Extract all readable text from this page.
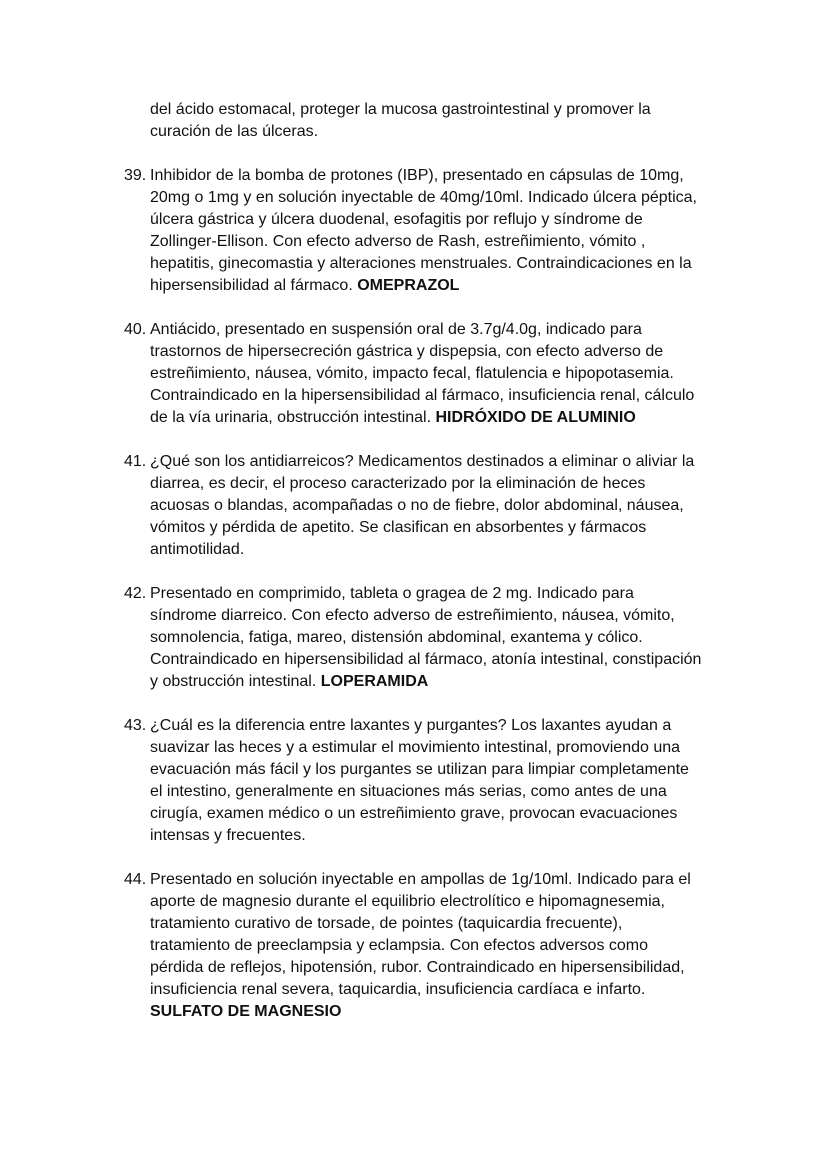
del ácido estomacal, proteger la mucosa gastrointestinal y promover la
curación de las úlceras.
39. Inhibidor de la bomba de protones (IBP), presentado en cápsulas de 10mg,
20mg o 1mg y en solución inyectable de 40mg/10ml. Indicado úlcera péptica,
úlcera gástrica y úlcera duodenal, esofagitis por reflujo y síndrome de
Zollinger-Ellison. Con efecto adverso de Rash, estreñimiento, vómito ,
hepatitis, ginecomastia y alteraciones menstruales. Contraindicaciones en la
hipersensibilidad al fármaco. OMEPRAZOL
40. Antiácido, presentado en suspensión oral de 3.7g/4.0g, indicado para
trastornos de hipersecreción gástrica y dispepsia, con efecto adverso de
estreñimiento, náusea, vómito, impacto fecal, flatulencia e hipopotasemia.
Contraindicado en la hipersensibilidad al fármaco, insuficiencia renal, cálculo
de la vía urinaria, obstrucción intestinal. HIDRÓXIDO DE ALUMINIO
41. ¿Qué son los antidiarreicos? Medicamentos destinados a eliminar o aliviar la
diarrea, es decir, el proceso caracterizado por la eliminación de heces
acuosas o blandas, acompañadas o no de fiebre, dolor abdominal, náusea,
vómitos y pérdida de apetito. Se clasifican en absorbentes y fármacos
antimotilidad.
42. Presentado en comprimido, tableta o gragea de 2 mg. Indicado para
síndrome diarreico. Con efecto adverso de estreñimiento, náusea, vómito,
somnolencia, fatiga, mareo, distensión abdominal, exantema y cólico.
Contraindicado en hipersensibilidad al fármaco, atonía intestinal, constipación
y obstrucción intestinal. LOPERAMIDA
43. ¿Cuál es la diferencia entre laxantes y purgantes? Los laxantes ayudan a
suavizar las heces y a estimular el movimiento intestinal, promoviendo una
evacuación más fácil y los purgantes se utilizan para limpiar completamente
el intestino, generalmente en situaciones más serias, como antes de una
cirugía, examen médico o un estreñimiento grave, provocan evacuaciones
intensas y frecuentes.
44. Presentado en solución inyectable en ampollas de 1g/10ml. Indicado para el
aporte de magnesio durante el equilibrio electrolítico e hipomagnesemia,
tratamiento curativo de torsade, de pointes (taquicardia frecuente),
tratamiento de preeclampsia y eclampsia. Con efectos adversos como
pérdida de reflejos, hipotensión, rubor. Contraindicado en hipersensibilidad,
insuficiencia renal severa, taquicardia, insuficiencia cardíaca e infarto.
SULFATO DE MAGNESIO
